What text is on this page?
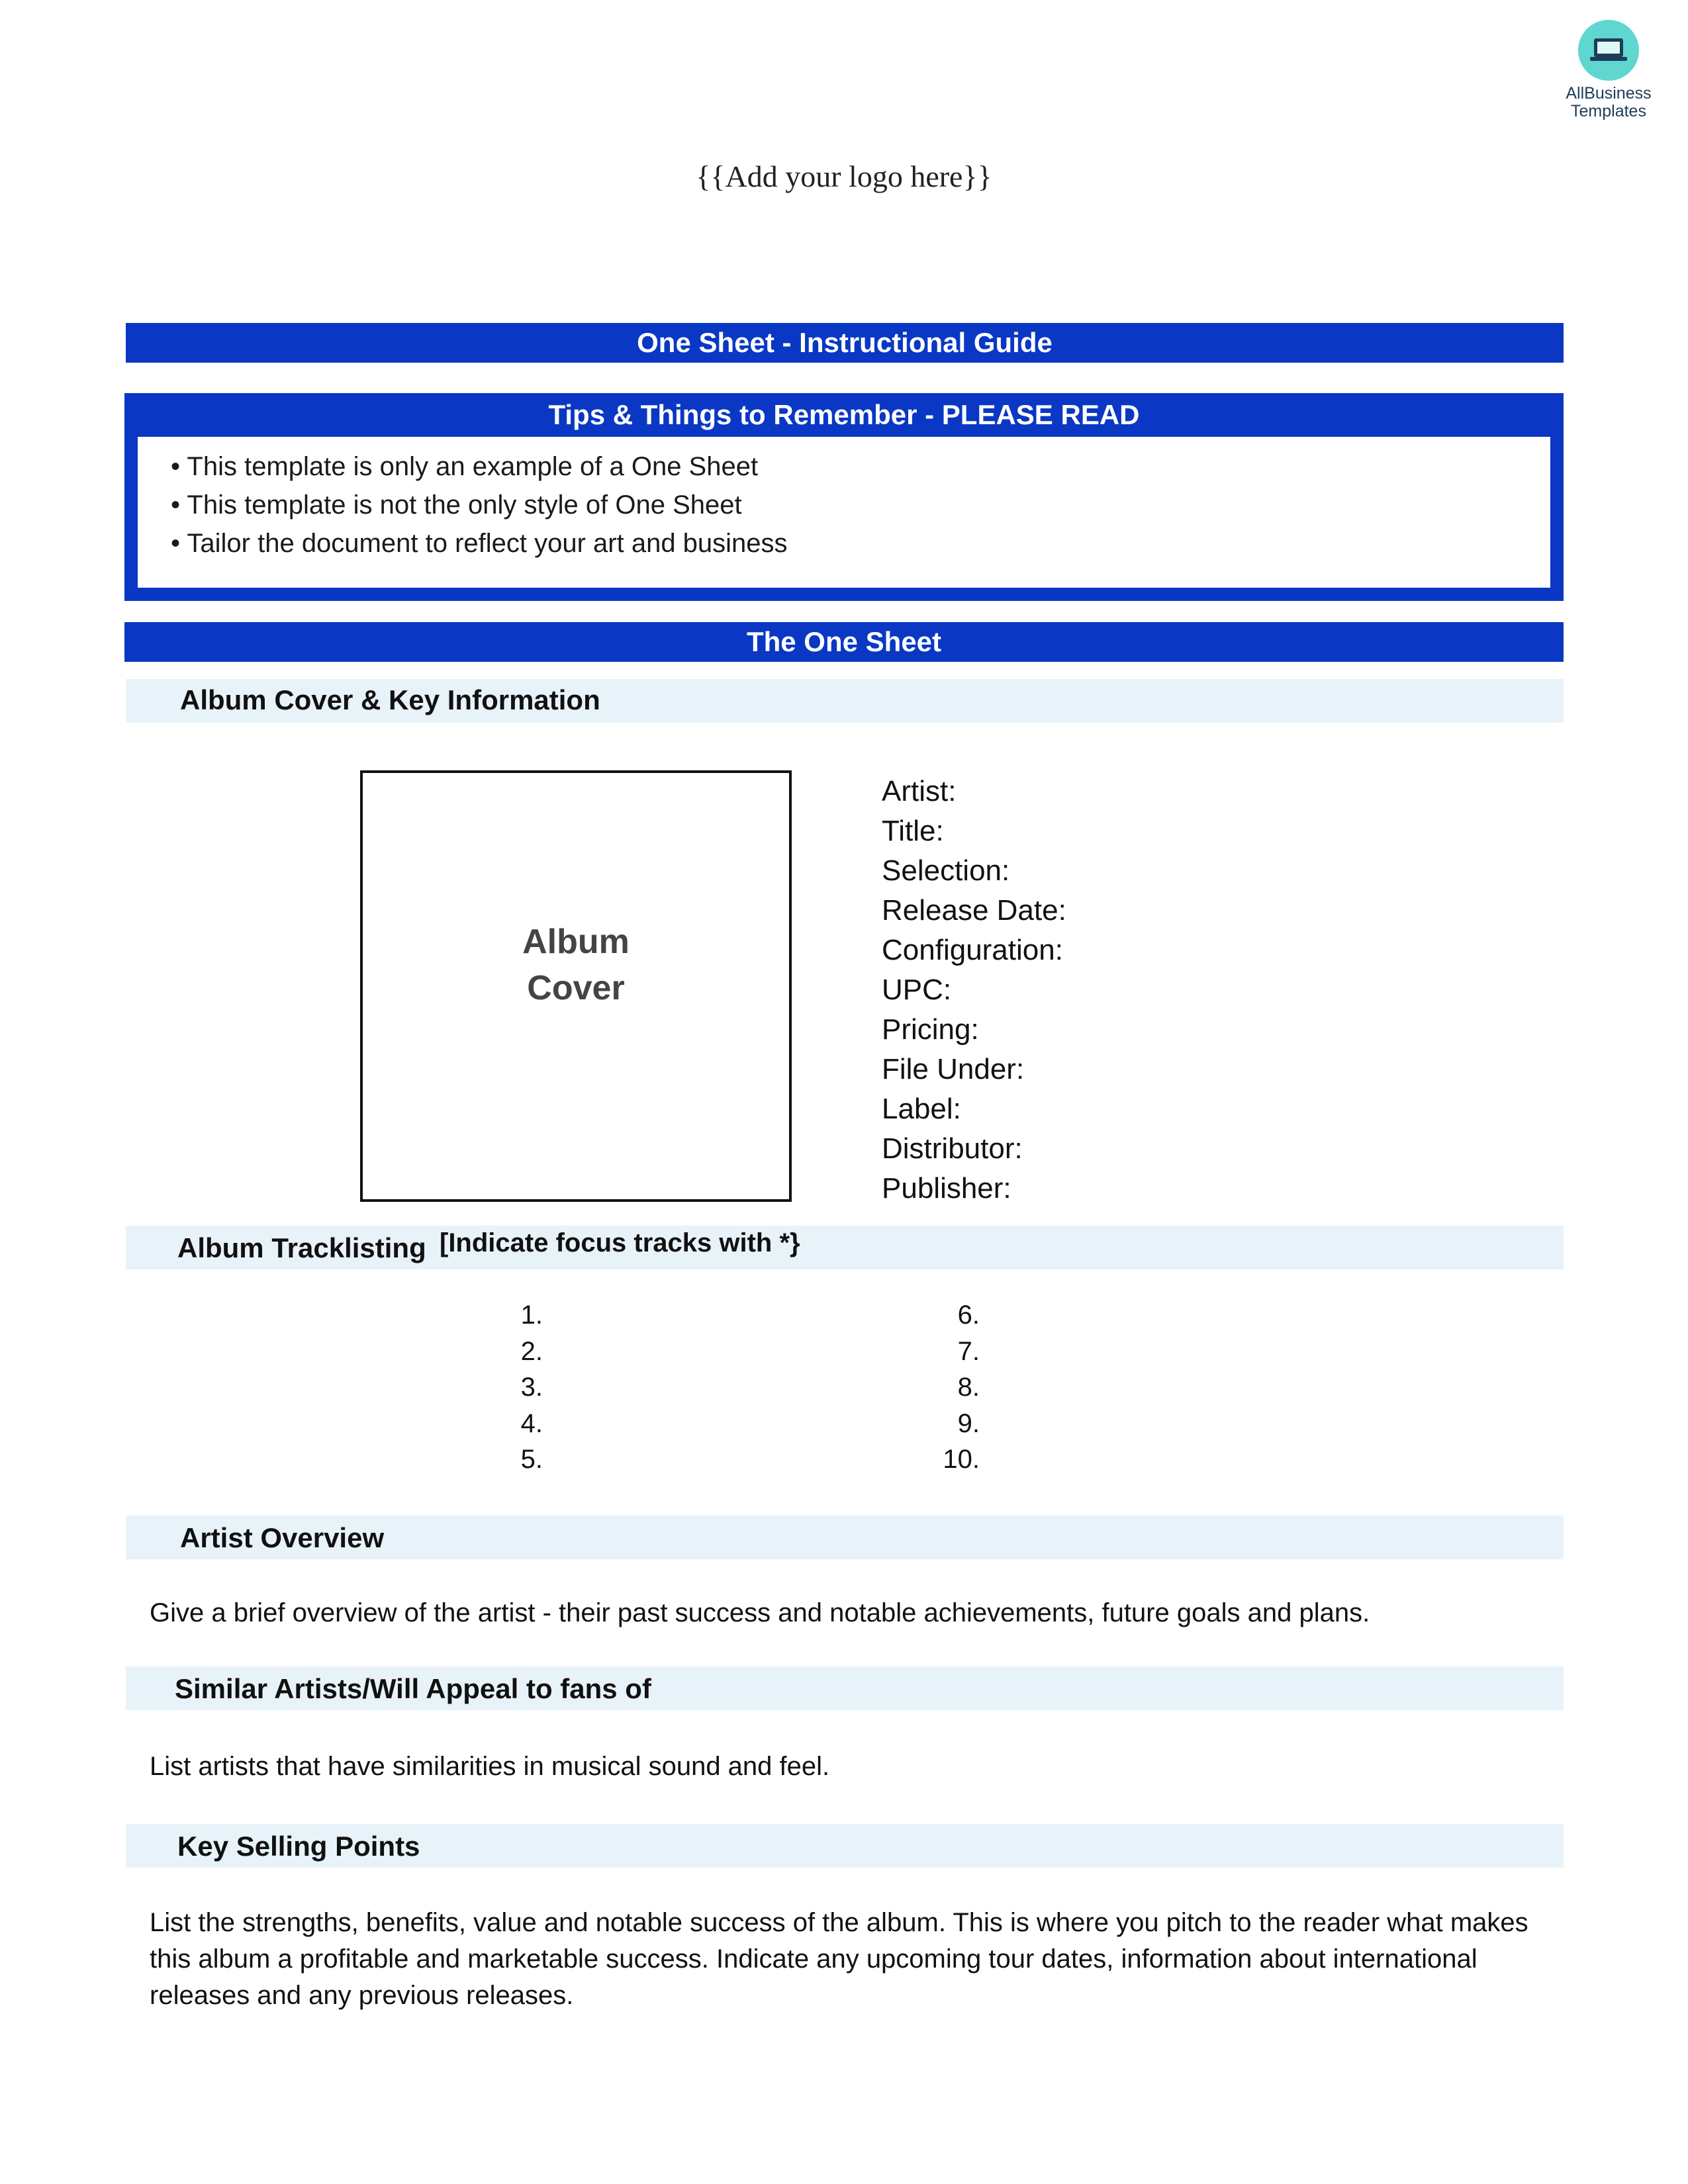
AllBusiness
Templates
{{Add your logo here}}
One Sheet - Instructional Guide
Tips & Things to Remember - PLEASE READ
• This template is only an example of a One Sheet
• This template is not the only style of One Sheet
• Tailor the document to reflect your art and business
The One Sheet
Album Cover & Key Information
Album
Cover
Artist:
Title:
Selection:
Release Date:
Configuration:
UPC:
Pricing:
File Under:
Label:
Distributor:
Publisher:
Album Tracklisting [Indicate focus tracks with *}
1.
2.
3.
4.
5.
6.
7.
8.
9.
10.
Artist Overview
Give a brief overview of the artist - their past success and notable achievements, future goals and plans.
Similar Artists/Will Appeal to fans of
List artists that have similarities in musical sound and feel.
Key Selling Points
List the strengths, benefits, value and notable success of the album. This is where you pitch to the reader what makes this album a profitable and marketable success. Indicate any upcoming tour dates, information about international releases and any previous releases.
